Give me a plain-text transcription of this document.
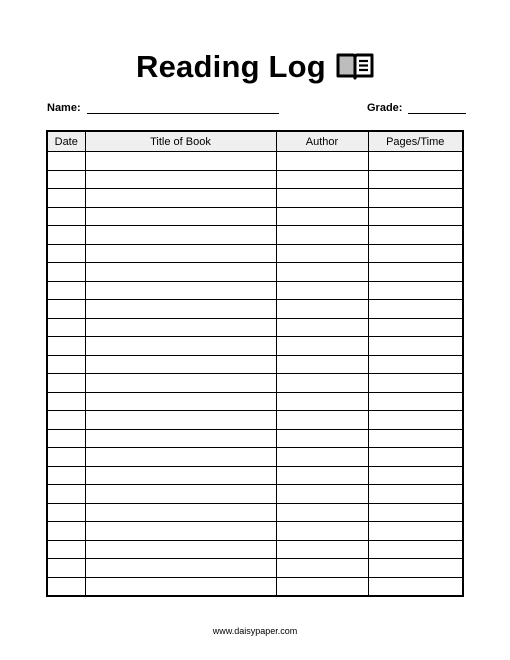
Reading Log
Name:	Grade:
Date	Title of Book	Author	Pages/Time

www.daisypaper.com
